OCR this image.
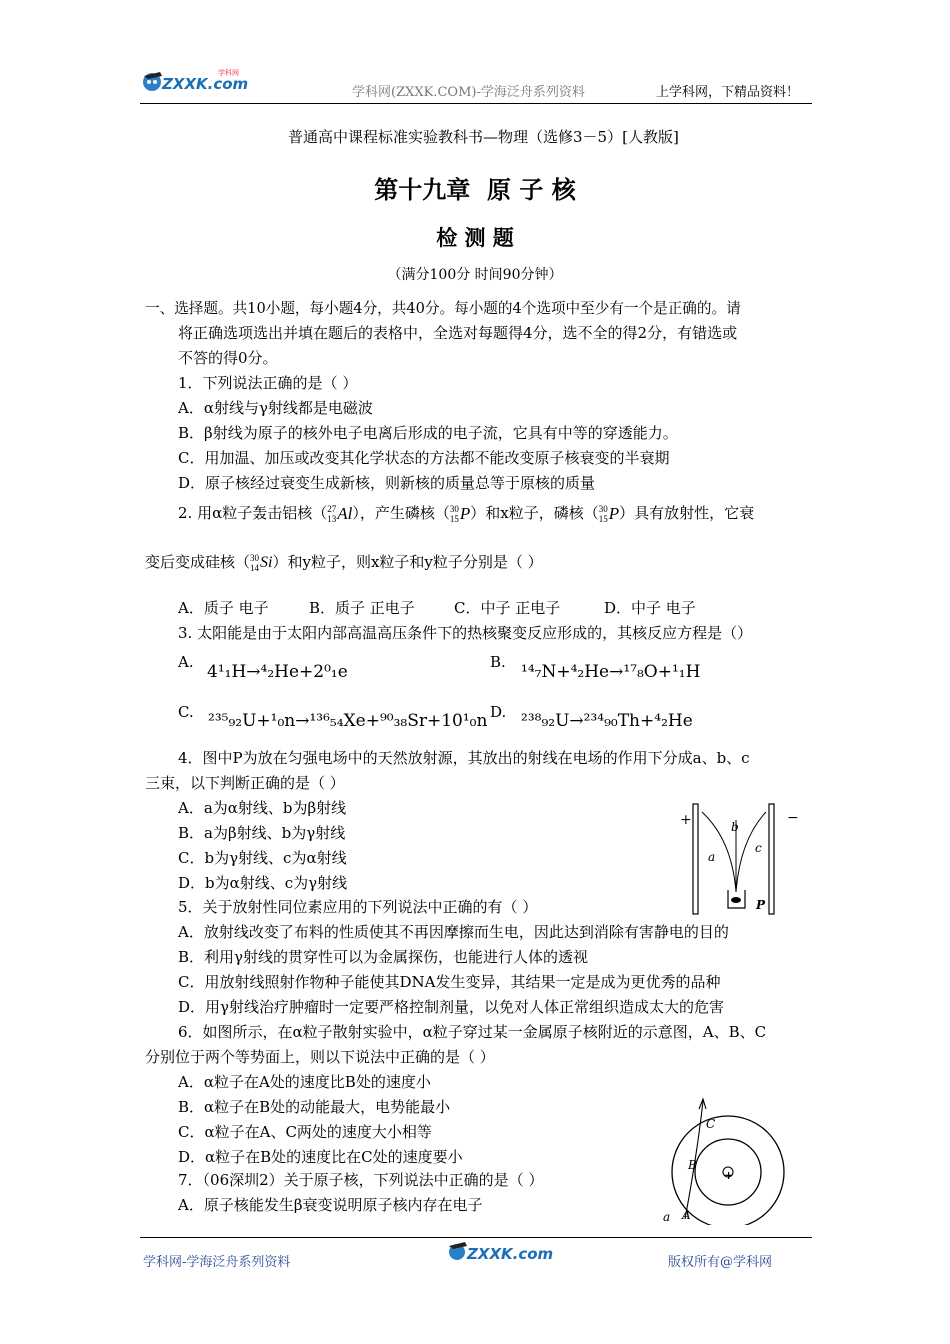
ZXXK.com
学科网
学科网(ZXXK.COM)-学海泛舟系列资料	上学科网，下精品资料！
普通高中课程标准实验教科书—物理（选修3－5）[人教版]
第十九章  原 子 核
检 测 题
（满分100分 时间90分钟）
一、选择题。共10小题，每小题4分，共40分。每小题的4个选项中至少有一个是正确的。请
将正确选项选出并填在题后的表格中，全选对每题得4分，选不全的得2分，有错选或
不答的得0分。
1．下列说法正确的是（ ）
A．α射线与γ射线都是电磁波
B．β射线为原子的核外电子电离后形成的电子流，它具有中等的穿透能力。
C．用加温、加压或改变其化学状态的方法都不能改变原子核衰变的半衰期
D．原子核经过衰变生成新核，则新核的质量总等于原核的质量
2. 用α粒子轰击铝核（ 27
13 Al ），产生磷核（ 30
15 P ）和x粒子，磷核（ 30
15 P ）具有放射性，它衰
变后变成硅核（ 30
14 Si ）和y粒子，则x粒子和y粒子分别是（ ）
A．质子 电子	B．质子 正电子	C．中子 正电子	D．中子 电子
3. 太阳能是由于太阳内部高温高压条件下的热核聚变反应形成的，其核反应方程是（）
A. 4¹₁H→⁴₂He+2⁰₁e	B. ¹⁴₇N+⁴₂He→¹⁷₈O+¹₁H
C. ²³⁵₉₂U+¹₀n→¹³⁶₅₄Xe+⁹⁰₃₈Sr+10¹₀n D. ²³⁸₉₂U→²³⁴₉₀Th+⁴₂He
4．图中P为放在匀强电场中的天然放射源，其放出的射线在电场的作用下分成a、b、c
三束，以下判断正确的是（ ）
A．a为α射线、b为β射线
B．a为β射线、b为γ射线
C．b为γ射线、c为α射线
D．b为α射线、c为γ射线
+	−
a
b
c
P
5．关于放射性同位素应用的下列说法中正确的有（ ）
A．放射线改变了布料的性质使其不再因摩擦而生电，因此达到消除有害静电的目的
B．利用γ射线的贯穿性可以为金属探伤，也能进行人体的透视
C．用放射线照射作物种子能使其DNA发生变异，其结果一定是成为更优秀的品种
D．用γ射线治疗肿瘤时一定要严格控制剂量，以免对人体正常组织造成太大的危害
6．如图所示，在α粒子散射实验中，α粒子穿过某一金属原子核附近的示意图，A、B、C
分别位于两个等势面上，则以下说法中正确的是（ ）
A．α粒子在A处的速度比B处的速度小
B．α粒子在B处的动能最大，电势能最小
C．α粒子在A、C两处的速度大小相等
D．α粒子在B处的速度比在C处的速度要小
+
C
B
A
a
7．（06深圳2）关于原子核，下列说法中正确的是（ ）
A．原子核能发生β衰变说明原子核内存在电子
学科网-学海泛舟系列资料	ZXXK.com	版权所有@学科网
